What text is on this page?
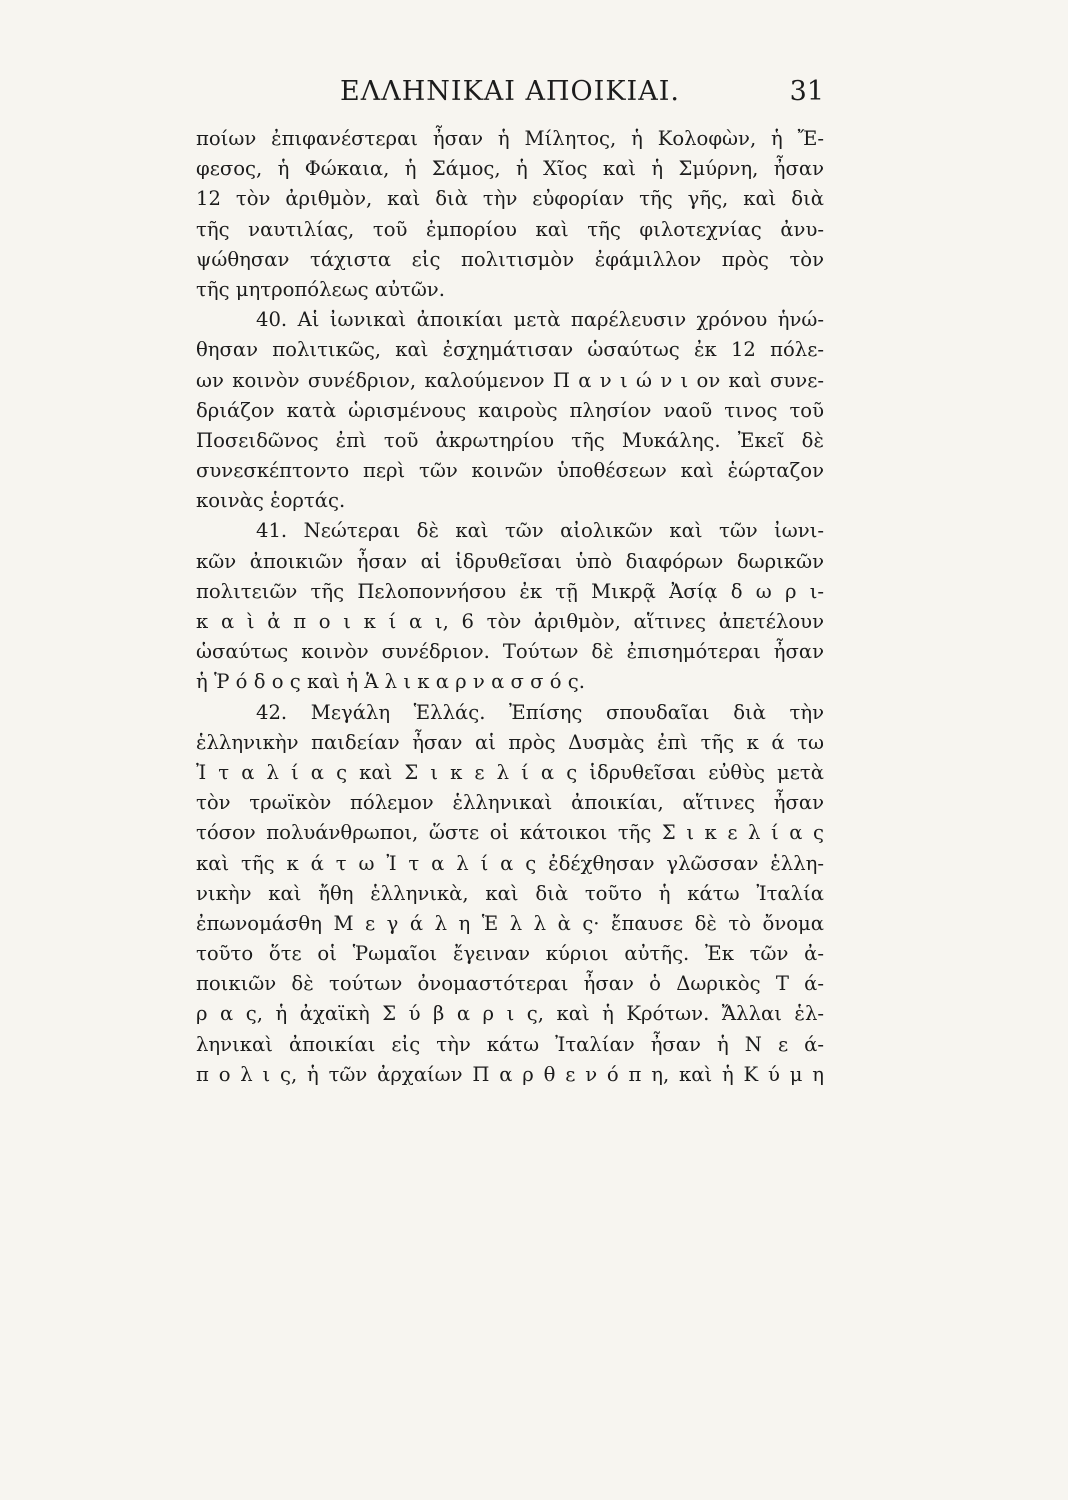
ΕΛΛΗΝΙΚΑΙ ΑΠΟΙΚΙΑΙ.	31
ποίων ἐπιφανέστεραι ἦσαν ἡ Μίλητος, ἡ Κολοφὼν, ἡ Ἔ-
φεσος, ἡ Φώκαια, ἡ Σάμος, ἡ Χῖος καὶ ἡ Σμύρνη, ἦσαν
12 τὸν ἀριθμὸν, καὶ διὰ τὴν εὐφορίαν τῆς γῆς, καὶ διὰ
τῆς ναυτιλίας, τοῦ ἐμπορίου καὶ τῆς φιλοτεχνίας ἀνυ-
ψώθησαν τάχιστα εἰς πολιτισμὸν ἐφάμιλλον πρὸς τὸν
τῆς μητροπόλεως αὐτῶν.
40. Αἱ ἰωνικαὶ ἀποικίαι μετὰ παρέλευσιν χρόνου ἡνώ-
θησαν πολιτικῶς, καὶ ἐσχημάτισαν ὡσαύτως ἐκ 12 πόλε-
ων κοινὸν συνέδριον, καλούμενον Π α ν ι ώ ν ι ον καὶ συνε-
δριάζον κατὰ ὡρισμένους καιροὺς πλησίον ναοῦ τινος τοῦ
Ποσειδῶνος ἐπὶ τοῦ ἀκρωτηρίου τῆς Μυκάλης. Ἐκεῖ δὲ
συνεσκέπτοντο περὶ τῶν κοινῶν ὑποθέσεων καὶ ἑώρταζον
κοινὰς ἑορτάς.
41. Νεώτεραι δὲ καὶ τῶν αἰολικῶν καὶ τῶν ἰωνι-
κῶν ἀποικιῶν ἦσαν αἱ ἱδρυθεῖσαι ὑπὸ διαφόρων δωρικῶν
πολιτειῶν τῆς Πελοποννήσου ἐκ τῇ Μικρᾷ Ἀσίᾳ δ ω ρ ι-
κ α ὶ ἀ π ο ι κ ί α ι, 6 τὸν ἀριθμὸν, αἵτινες ἀπετέλουν
ὡσαύτως κοινὸν συνέδριον. Τούτων δὲ ἐπισημότεραι ἦσαν
ἡ Ῥ ό δ ο ς καὶ ἡ Ἁ λ ι κ α ρ ν α σ σ ό ς.
42. Μεγάλη Ἑλλάς. Ἐπίσης σπουδαῖαι διὰ τὴν
ἑλληνικὴν παιδείαν ἦσαν αἱ πρὸς Δυσμὰς ἐπὶ τῆς κ ά τω
Ἰ τ α λ ί α ς καὶ Σ ι κ ε λ ί α ς ἱδρυθεῖσαι εὐθὺς μετὰ
τὸν τρωϊκὸν πόλεμον ἑλληνικαὶ ἀποικίαι, αἵτινες ἦσαν
τόσον πολυάνθρωποι, ὥστε οἱ κάτοικοι τῆς Σ ι κ ε λ ί α ς
καὶ τῆς κ ά τ ω Ἰ τ α λ ί α ς ἐδέχθησαν γλῶσσαν ἑλλη-
νικὴν καὶ ἤθη ἑλληνικὰ, καὶ διὰ τοῦτο ἡ κάτω Ἰταλία
ἐπωνομάσθη Μ ε γ ά λ η Ἑ λ λ ὰ ς· ἔπαυσε δὲ τὸ ὄνομα
τοῦτο ὅτε οἱ Ῥωμαῖοι ἔγειναν κύριοι αὐτῆς. Ἐκ τῶν ἀ-
ποικιῶν δὲ τούτων ὀνομαστότεραι ἦσαν ὁ Δωρικὸς Τ ά-
ρ α ς, ἡ ἀχαϊκὴ Σ ύ β α ρ ι ς, καὶ ἡ Κρότων. Ἄλλαι ἑλ-
ληνικαὶ ἀποικίαι εἰς τὴν κάτω Ἰταλίαν ἦσαν ἡ Ν ε ά-
π ο λ ι ς, ἡ τῶν ἀρχαίων Π α ρ θ ε ν ό π η, καὶ ἡ Κ ύ μ η
